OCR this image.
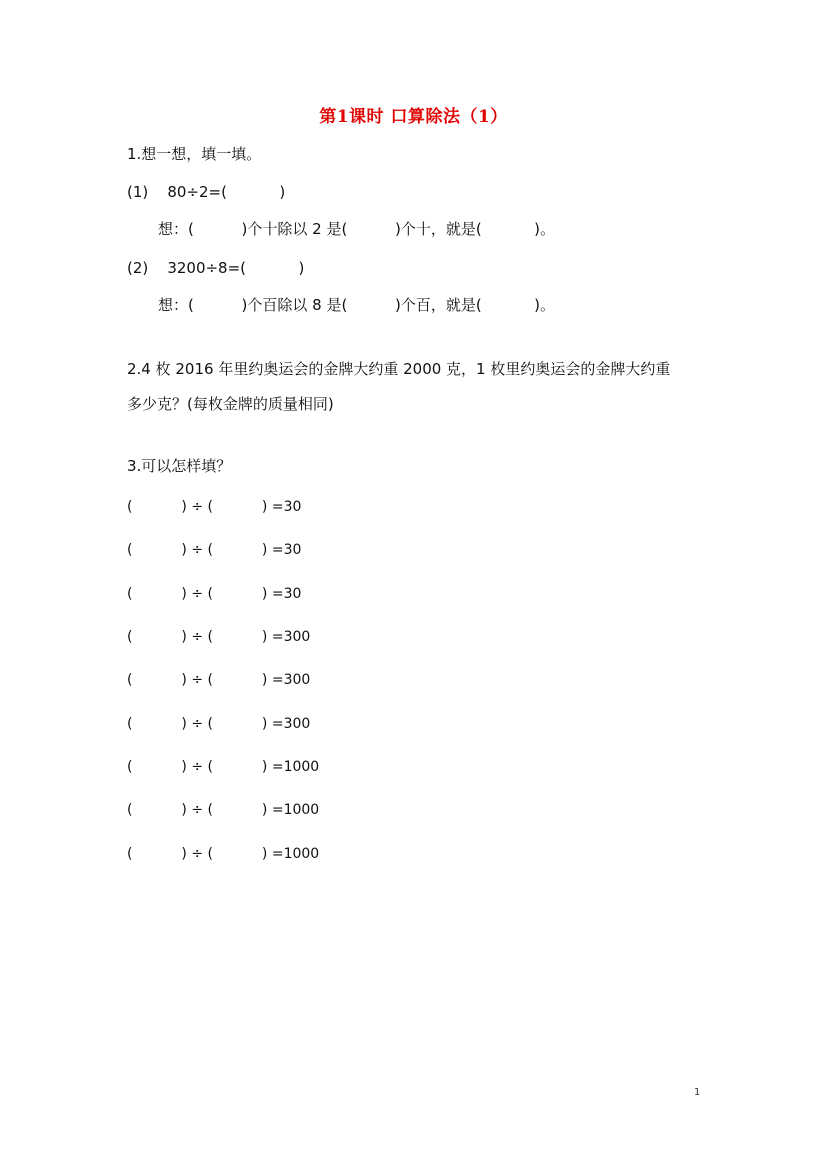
第1课时 口算除法（1）
1.想一想，填一填。
(1)    80÷2=(           )
想：(          )个十除以 2 是(          )个十，就是(           )。
(2)    3200÷8=(           )
想：(          )个百除以 8 是(          )个百，就是(           )。
2.4 枚 2016 年里约奥运会的金牌大约重 2000 克，1 枚里约奥运会的金牌大约重
多少克？(每枚金牌的质量相同)
3.可以怎样填？
(           ) ÷ (           ) =30
(           ) ÷ (           ) =30
(           ) ÷ (           ) =30
(           ) ÷ (           ) =300
(           ) ÷ (           ) =300
(           ) ÷ (           ) =300
(           ) ÷ (           ) =1000
(           ) ÷ (           ) =1000
(           ) ÷ (           ) =1000
1
